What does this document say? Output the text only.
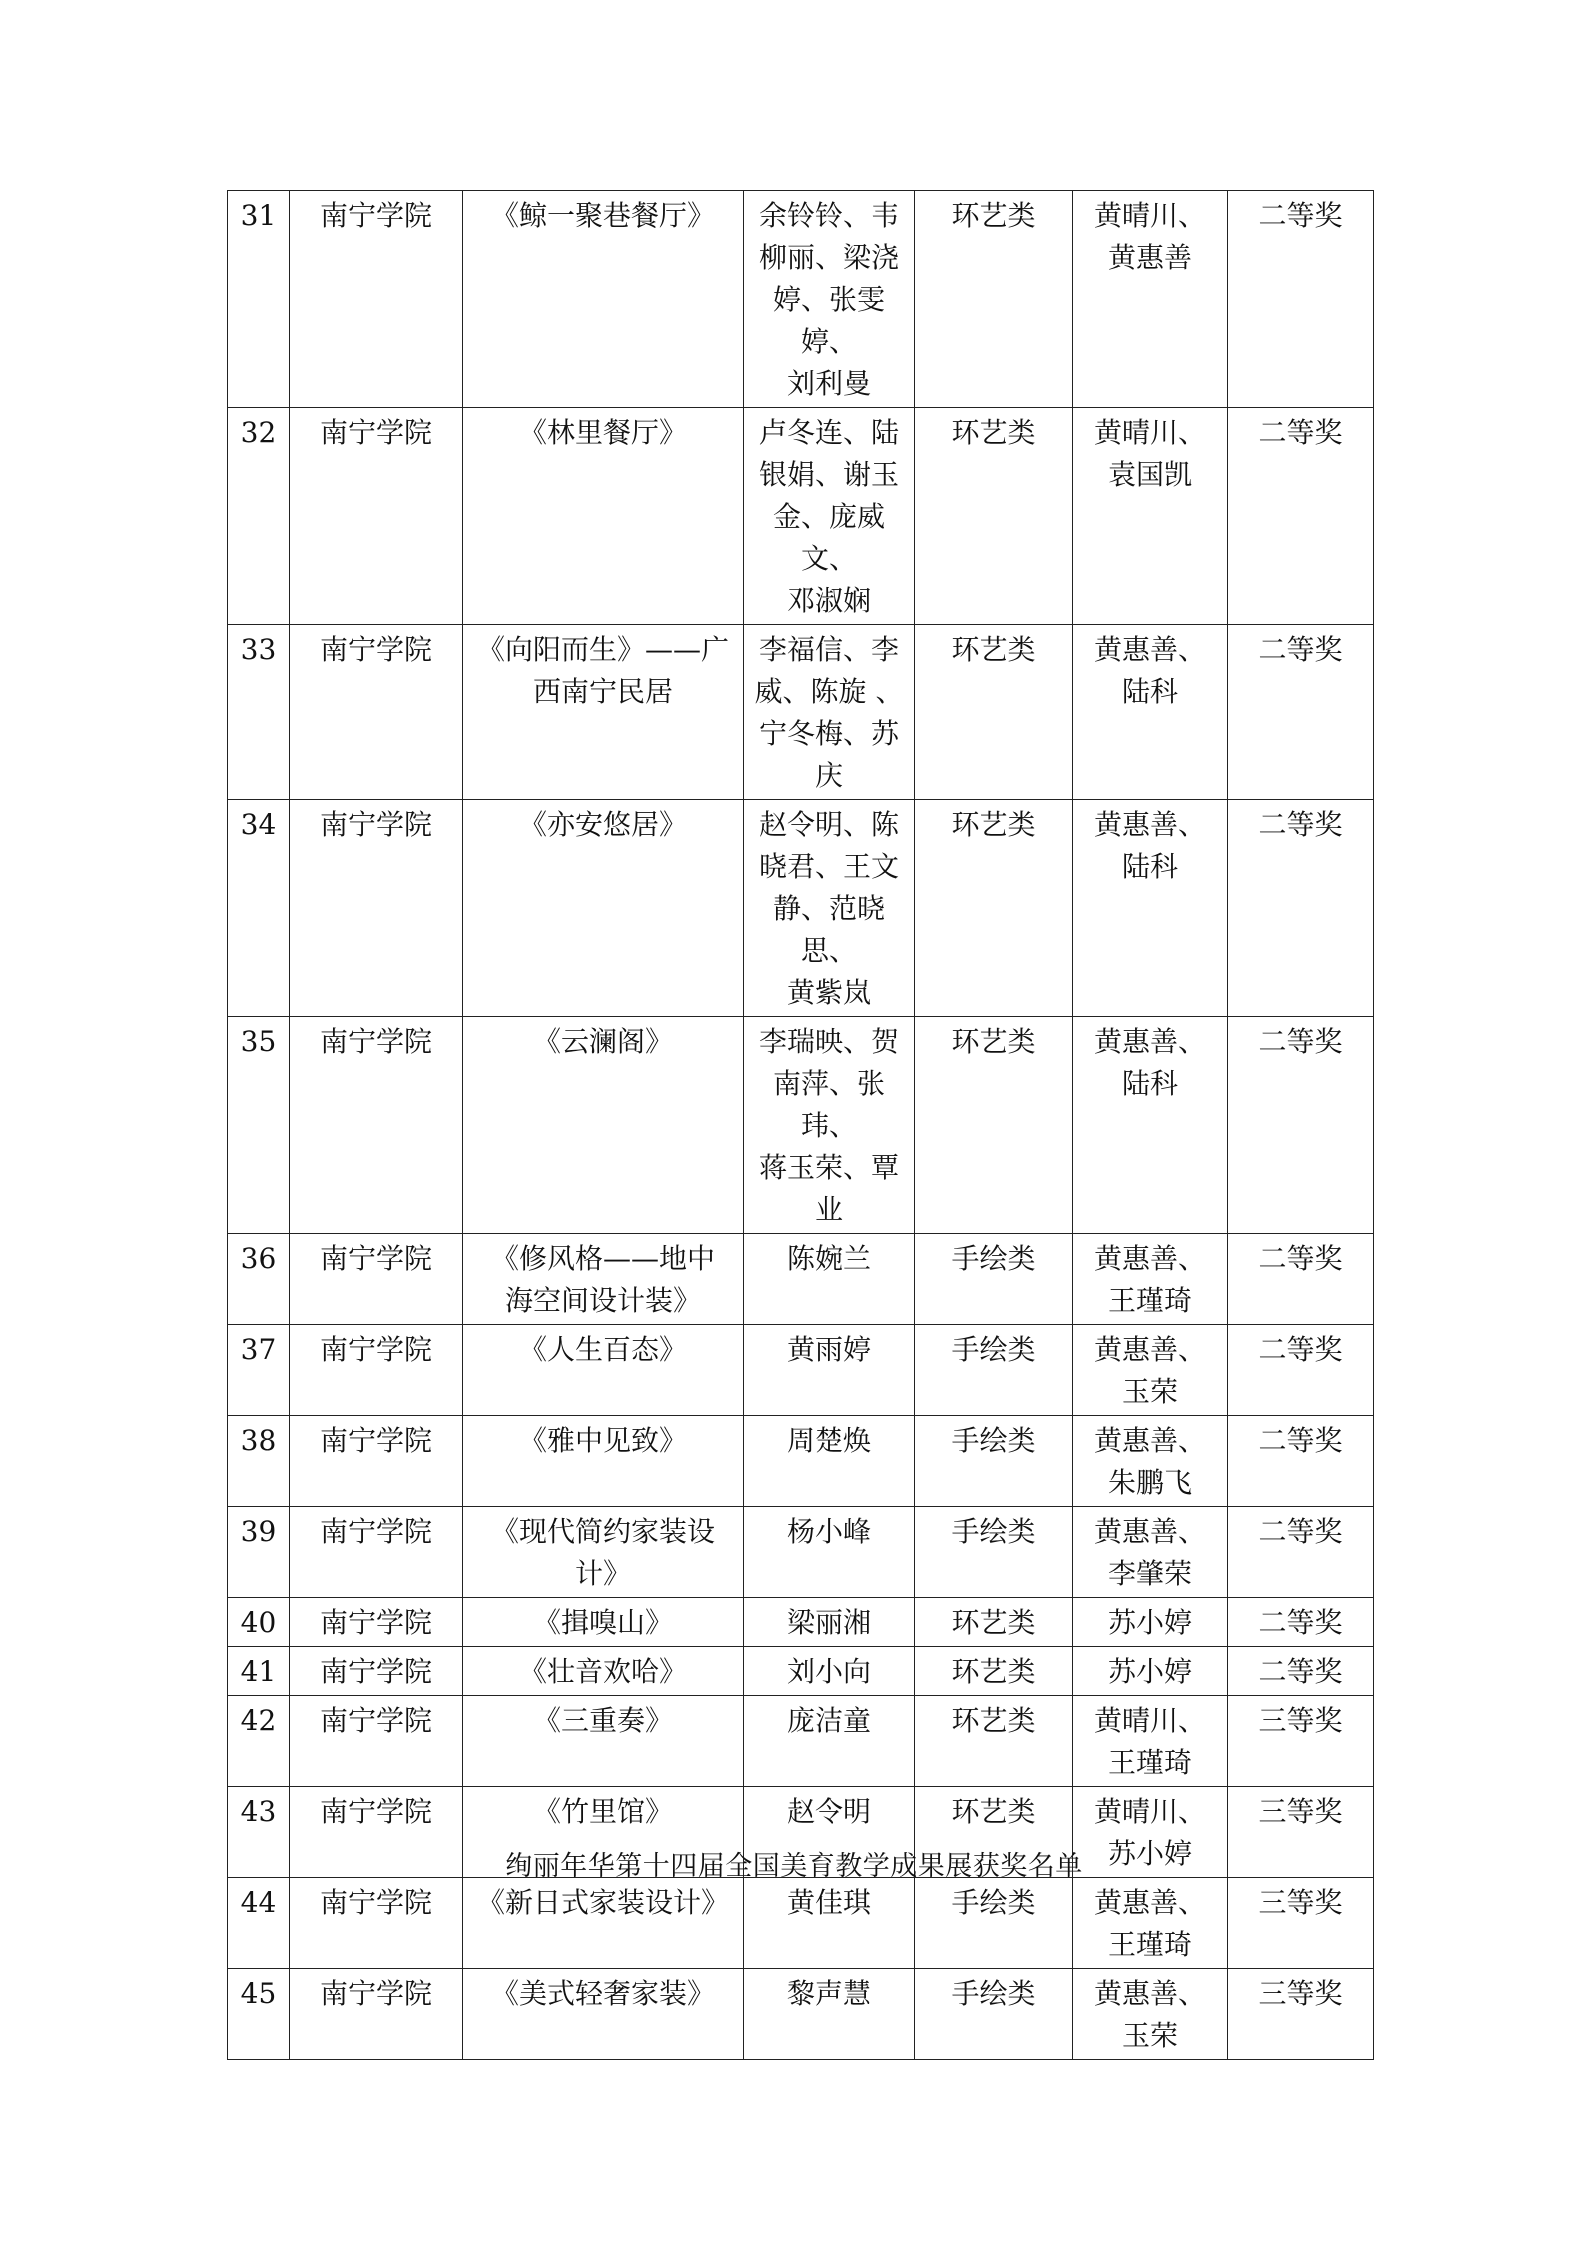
31	南宁学院	《鲸一聚巷餐厅》	余铃铃、韦
柳丽、梁浇
婷、张雯婷、
刘利曼	环艺类	黄晴川、
黄惠善	二等奖
32	南宁学院	《林里餐厅》	卢冬连、陆
银娟、谢玉
金、庞威文、
邓淑娴	环艺类	黄晴川、
袁国凯	二等奖
33	南宁学院	《向阳而生》——广
西南宁民居	李福信、李
威、陈旋 、
宁冬梅、苏
庆	环艺类	黄惠善、
陆科	二等奖
34	南宁学院	《亦安悠居》	赵令明、陈
晓君、王文
静、范晓思、
黄紫岚	环艺类	黄惠善、
陆科	二等奖
35	南宁学院	《云澜阁》	李瑞映、贺
南萍、张玮、
蒋玉荣、覃
业	环艺类	黄惠善、
陆科	二等奖
36	南宁学院	《修风格——地中
海空间设计装》	陈婉兰	手绘类	黄惠善、
王瑾琦	二等奖
37	南宁学院	《人生百态》	黄雨婷	手绘类	黄惠善、
玉荣	二等奖
38	南宁学院	《雅中见致》	周楚焕	手绘类	黄惠善、
朱鹏飞	二等奖
39	南宁学院	《现代简约家装设
计》	杨小峰	手绘类	黄惠善、
李肇荣	二等奖
40	南宁学院	《揖嗅山》	梁丽湘	环艺类	苏小婷	二等奖
41	南宁学院	《壮音欢哈》	刘小向	环艺类	苏小婷	二等奖
42	南宁学院	《三重奏》	庞洁童	环艺类	黄晴川、
王瑾琦	三等奖
43	南宁学院	《竹里馆》	赵令明	环艺类	黄晴川、
苏小婷	三等奖
44	南宁学院	《新日式家装设计》	黄佳琪	手绘类	黄惠善、
王瑾琦	三等奖
45	南宁学院	《美式轻奢家装》	黎声慧	手绘类	黄惠善、
玉荣	三等奖
绚丽年华第十四届全国美育教学成果展获奖名单
